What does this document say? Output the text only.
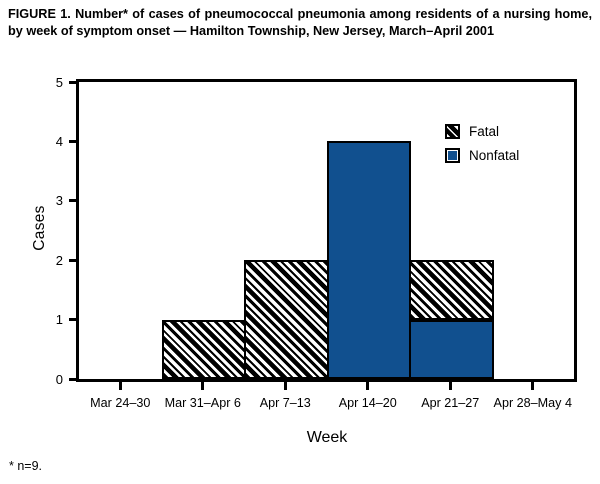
FIGURE 1. Number* of cases of pneumococcal pneumonia among residents of a nursing home, by week of symptom onset — Hamilton Township, New Jersey, March–April 2001
Cases
Fatal
Nonfatal
0
1
2
3
4
5
Mar 24–30 Mar 31–Apr 6 Apr 7–13 Apr 14–20 Apr 21–27 Apr 28–May 4
Week
* n=9.
